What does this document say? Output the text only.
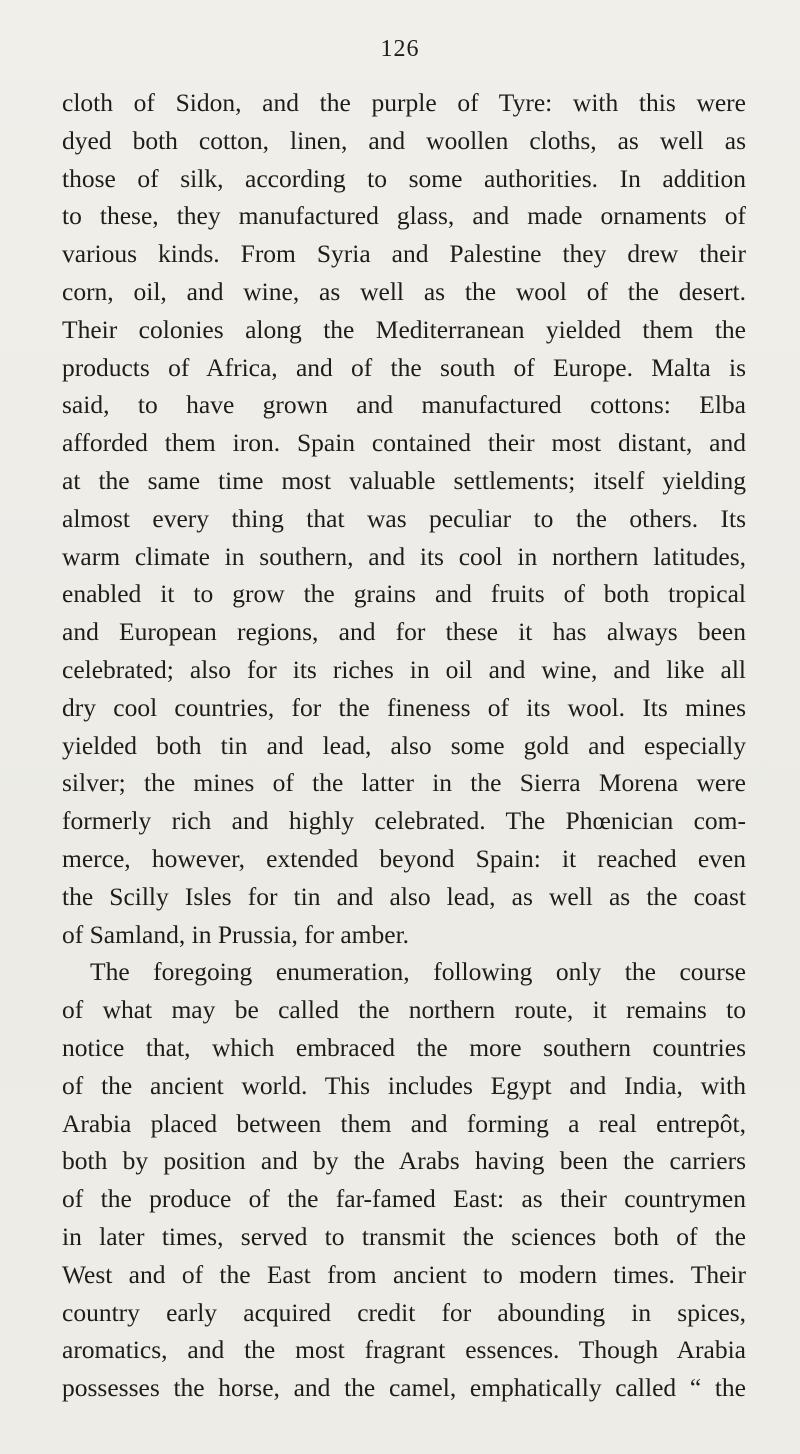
126
cloth of Sidon, and the purple of Tyre: with this were
dyed both cotton, linen, and woollen cloths, as well as
those of silk, according to some authorities. In addition
to these, they manufactured glass, and made ornaments of
various kinds. From Syria and Palestine they drew their
corn, oil, and wine, as well as the wool of the desert.
Their colonies along the Mediterranean yielded them the
products of Africa, and of the south of Europe. Malta is
said, to have grown and manufactured cottons: Elba
afforded them iron. Spain contained their most distant, and
at the same time most valuable settlements; itself yielding
almost every thing that was peculiar to the others. Its
warm climate in southern, and its cool in northern latitudes,
enabled it to grow the grains and fruits of both tropical
and European regions, and for these it has always been
celebrated; also for its riches in oil and wine, and like all
dry cool countries, for the fineness of its wool. Its mines
yielded both tin and lead, also some gold and especially
silver; the mines of the latter in the Sierra Morena were
formerly rich and highly celebrated. The Phœnician com-
merce, however, extended beyond Spain: it reached even
the Scilly Isles for tin and also lead, as well as the coast
of Samland, in Prussia, for amber.
The foregoing enumeration, following only the course
of what may be called the northern route, it remains to
notice that, which embraced the more southern countries
of the ancient world. This includes Egypt and India, with
Arabia placed between them and forming a real entrepôt,
both by position and by the Arabs having been the carriers
of the produce of the far-famed East: as their countrymen
in later times, served to transmit the sciences both of the
West and of the East from ancient to modern times. Their
country early acquired credit for abounding in spices,
aromatics, and the most fragrant essences. Though Arabia
possesses the horse, and the camel, emphatically called “ the
